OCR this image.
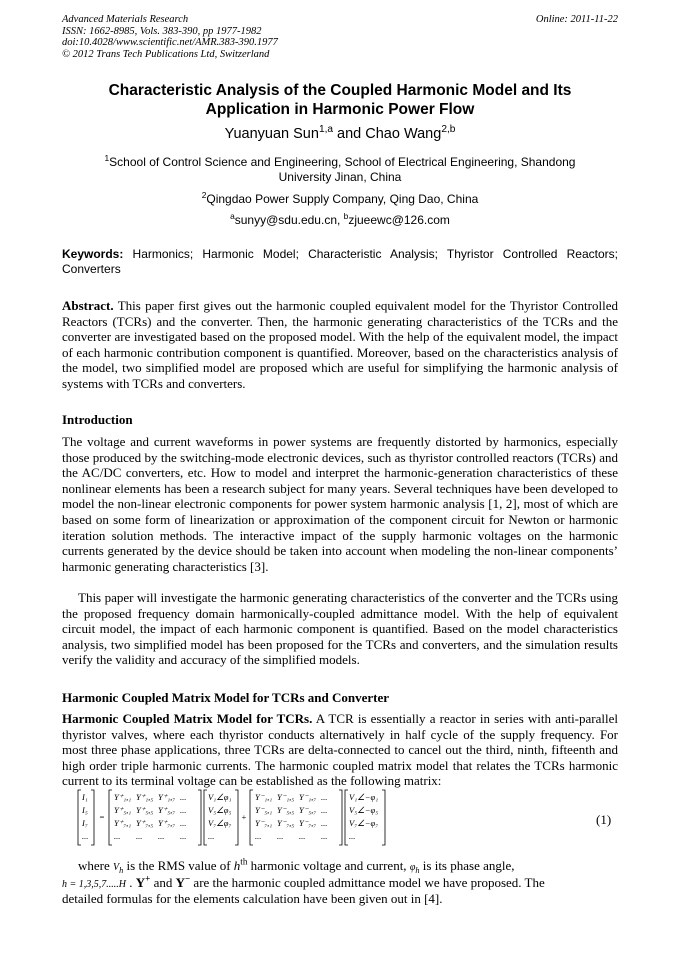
Advanced Materials Research
ISSN: 1662-8985, Vols. 383-390, pp 1977-1982
doi:10.4028/www.scientific.net/AMR.383-390.1977
© 2012 Trans Tech Publications Ltd, Switzerland
Online: 2011-11-22
Characteristic Analysis of the Coupled Harmonic Model and Its
Application in Harmonic Power Flow
Yuanyuan Sun$^{1,a}$ and Chao Wang$^{2,b}$
$^1$School of Control Science and Engineering, School of Electrical Engineering, Shandong
University Jinan, China
$^2$Qingdao Power Supply Company, Qing Dao, China
$^a$sunyy@sdu.edu.cn, $^b$zjueewc@126.com
Keywords: Harmonics; Harmonic Model; Characteristic Analysis; Thyristor Controlled Reactors; Converters
Abstract. This paper first gives out the harmonic coupled equivalent model for the Thyristor Controlled Reactors (TCRs) and the converter. Then, the harmonic generating characteristics of the TCRs and the converter are investigated based on the proposed model. With the help of the equivalent model, the impact of each harmonic contribution component is quantified. Moreover, based on the characteristics analysis of the model, two simplified model are proposed which are useful for simplifying the harmonic analysis of systems with TCRs and converters.
Introduction
The voltage and current waveforms in power systems are frequently distorted by harmonics, especially those produced by the switching-mode electronic devices, such as thyristor controlled reactors (TCRs) and the AC/DC converters, etc. How to model and interpret the harmonic-generation characteristics of these nonlinear elements has been a research subject for many years. Several techniques have been developed to model the non-linear electronic components for power system harmonic analysis [1, 2], most of which are based on some form of linearization or approximation of the component circuit for Newton or harmonic iteration solution methods. The interactive impact of the supply harmonic voltages on the harmonic currents generated by the device should be taken into account when modeling the non-linear components’ harmonic generating characteristics [3].
This paper will investigate the harmonic generating characteristics of the converter and the TCRs using the proposed frequency domain harmonically-coupled admittance model. With the help of equivalent circuit model, the impact of each harmonic component is quantified. Based on the model characteristics analysis, two simplified model has been proposed for the TCRs and converters, and the simulation results verify the validity and accuracy of the simplified models.
Harmonic Coupled Matrix Model for TCRs and Converter
Harmonic Coupled Matrix Model for TCRs. A TCR is essentially a reactor in series with anti-parallel thyristor valves, where each thyristor conducts alternatively in half cycle of the supply frequency. For most three phase applications, three TCRs are delta-connected to cancel out the third, ninth, fifteenth and high order triple harmonic currents. The harmonic coupled matrix model that relates the TCRs harmonic current to its terminal voltage can be established as the following matrix:
I₁
I₅
I₇
...
=
Y⁺₁,₁ Y⁺₁,₅ Y⁺₁,₇ ...
Y⁺₅,₁ Y⁺₅,₅ Y⁺₅,₇ ...
Y⁺₇,₁ Y⁺₇,₅ Y⁺₇,₇ ...
... ... ... ...
V₁∠φ₁
V₅∠φ₅
V₇∠φ₇
...
+
Y⁻₁,₁ Y⁻₁,₅ Y⁻₁,₇ ...
Y⁻₅,₁ Y⁻₅,₅ Y⁻₅,₇ ...
Y⁻₇,₁ Y⁻₇,₅ Y⁻₇,₇ ...
... ... ... ...
V₁∠−φ₁
V₅∠−φ₅
V₇∠−φ₇
...
(1)
where $V_h$ is the RMS value of $h^{th}$ harmonic voltage and current, $\varphi_h$ is its phase angle,
h = 1,3,5,7.....H . Y+ and Y− are the harmonic coupled admittance model we have proposed. The
detailed formulas for the elements calculation have been given out in [4].
